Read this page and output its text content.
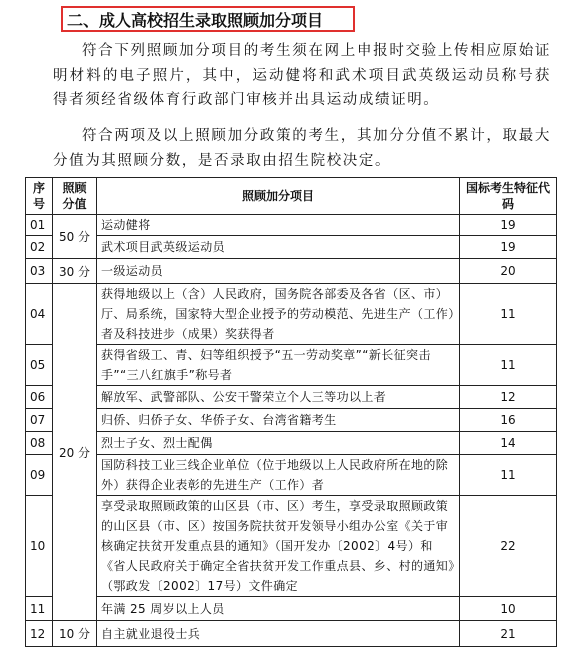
二、成人高校招生录取照顾加分项目
符合下列照顾加分项目的考生须在网上申报时交验上传相应原始证明材料的电子照片，其中，运动健将和武术项目武英级运动员称号获得者须经省级体育行政部门审核并出具运动成绩证明。
符合两项及以上照顾加分政策的考生，其加分分值不累计，取最大分值为其照顾分数，是否录取由招生院校决定。
序号	照顾分值	照顾加分项目	国标考生特征代码
01	50 分	运动健将	19
02		武术项目武英级运动员	19
03	30 分	一级运动员	20
04	20 分	获得地级以上（含）人民政府，国务院各部委及各省（区、市）厅、局系统，国家特大型企业授予的劳动模范、先进生产（工作）者及科技进步（成果）奖获得者	11
05		获得省级工、青、妇等组织授予“五一劳动奖章”“新长征突击手”“三八红旗手”称号者	11
06		解放军、武警部队、公安干警荣立个人三等功以上者	12
07		归侨、归侨子女、华侨子女、台湾省籍考生	16
08		烈士子女、烈士配偶	14
09		国防科技工业三线企业单位（位于地级以上人民政府所在地的除外）获得企业表彰的先进生产（工作）者	11
10		享受录取照顾政策的山区县（市、区）考生，享受录取照顾政策的山区县（市、区）按国务院扶贫开发领导小组办公室《关于审核确定扶贫开发重点县的通知》（国开发办〔2002〕4号）和《省人民政府关于确定全省扶贫开发工作重点县、乡、村的通知》（鄂政发〔2002〕17号）文件确定	22
11		年满 25 周岁以上人员	10
12	10 分	自主就业退役士兵	21
